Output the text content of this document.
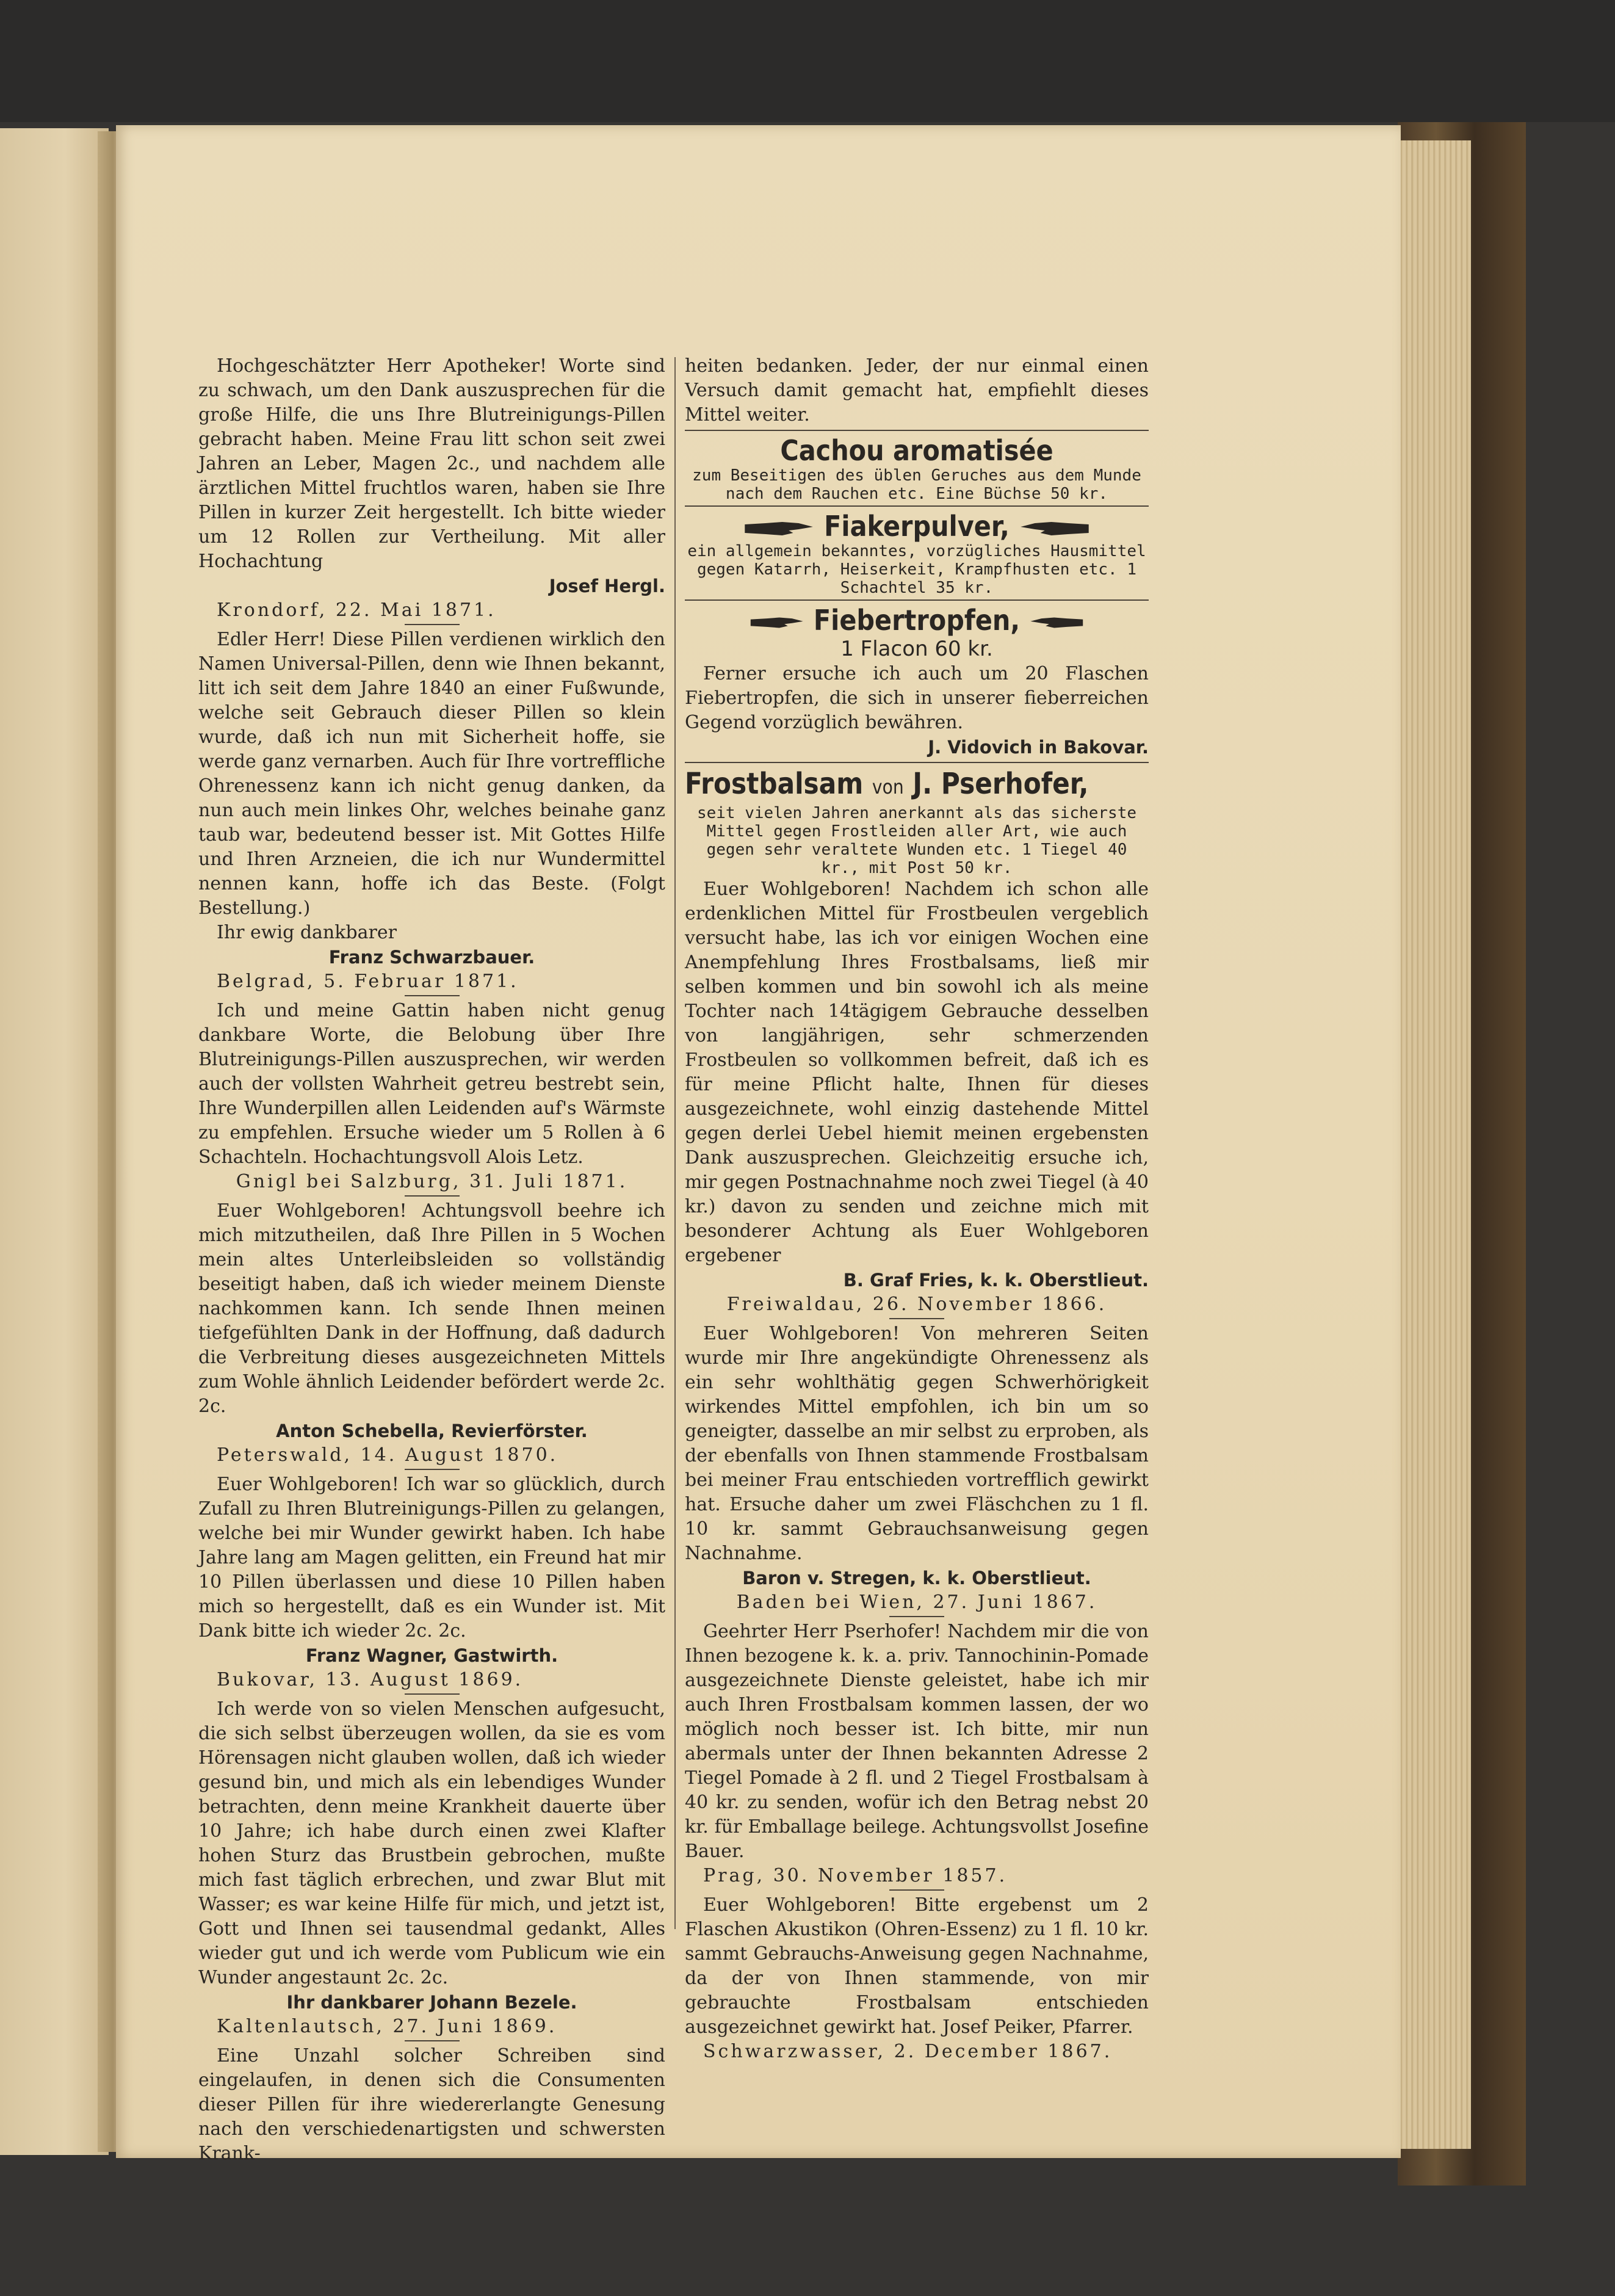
Hochgeschätzter Herr Apotheker! Worte sind zu schwach, um den Dank auszusprechen für die große Hilfe, die uns Ihre Blutreinigungs-Pillen gebracht haben. Meine Frau litt schon seit zwei Jahren an Leber, Magen 2c., und nachdem alle ärztlichen Mittel fruchtlos waren, haben sie Ihre Pillen in kurzer Zeit hergestellt. Ich bitte wieder um 12 Rollen zur Vertheilung. Mit aller Hochachtung

Josef Hergl.

Krondorf, 22. Mai 1871.

Edler Herr! Diese Pillen verdienen wirklich den Namen Universal-Pillen, denn wie Ihnen bekannt, litt ich seit dem Jahre 1840 an einer Fußwunde, welche seit Gebrauch dieser Pillen so klein wurde, daß ich nun mit Sicherheit hoffe, sie werde ganz vernarben. Auch für Ihre vortreffliche Ohrenessenz kann ich nicht genug danken, da nun auch mein linkes Ohr, welches beinahe ganz taub war, bedeutend besser ist. Mit Gottes Hilfe und Ihren Arzneien, die ich nur Wundermittel nennen kann, hoffe ich das Beste. (Folgt Bestellung.)

Ihr ewig dankbarer

Franz Schwarzbauer.

Belgrad, 5. Februar 1871.

Ich und meine Gattin haben nicht genug dankbare Worte, die Belobung über Ihre Blutreinigungs-Pillen auszusprechen, wir werden auch der vollsten Wahrheit getreu bestrebt sein, Ihre Wunderpillen allen Leidenden auf's Wärmste zu empfehlen. Ersuche wieder um 5 Rollen à 6 Schachteln. Hochachtungsvoll Alois Letz.

Gnigl bei Salzburg, 31. Juli 1871.

Euer Wohlgeboren! Achtungsvoll beehre ich mich mitzutheilen, daß Ihre Pillen in 5 Wochen mein altes Unterleibsleiden so vollständig beseitigt haben, daß ich wieder meinem Dienste nachkommen kann. Ich sende Ihnen meinen tiefgefühlten Dank in der Hoffnung, daß dadurch die Verbreitung dieses ausgezeichneten Mittels zum Wohle ähnlich Leidender befördert werde 2c. 2c.

Anton Schebella, Revierförster.

Peterswald, 14. August 1870.

Euer Wohlgeboren! Ich war so glücklich, durch Zufall zu Ihren Blutreinigungs-Pillen zu gelangen, welche bei mir Wunder gewirkt haben. Ich habe Jahre lang am Magen gelitten, ein Freund hat mir 10 Pillen überlassen und diese 10 Pillen haben mich so hergestellt, daß es ein Wunder ist. Mit Dank bitte ich wieder 2c. 2c.

Franz Wagner, Gastwirth.

Bukovar, 13. August 1869.

Ich werde von so vielen Menschen aufgesucht, die sich selbst überzeugen wollen, da sie es vom Hörensagen nicht glauben wollen, daß ich wieder gesund bin, und mich als ein lebendiges Wunder betrachten, denn meine Krankheit dauerte über 10 Jahre; ich habe durch einen zwei Klafter hohen Sturz das Brustbein gebrochen, mußte mich fast täglich erbrechen, und zwar Blut mit Wasser; es war keine Hilfe für mich, und jetzt ist, Gott und Ihnen sei tausendmal gedankt, Alles wieder gut und ich werde vom Publicum wie ein Wunder angestaunt 2c. 2c.

Ihr dankbarer Johann Bezele.

Kaltenlautsch, 27. Juni 1869.

Eine Unzahl solcher Schreiben sind eingelaufen, in denen sich die Consumenten dieser Pillen für ihre wiedererlangte Genesung nach den verschiedenartigsten und schwersten Krank-

heiten bedanken. Jeder, der nur einmal einen Versuch damit gemacht hat, empfiehlt dieses Mittel weiter.

Cachou aromatisée
zum Beseitigen des üblen Geruches aus dem Munde nach dem Rauchen etc. Eine Büchse 50 kr.
Fiakerpulver,
ein allgemein bekanntes, vorzügliches Hausmittel gegen Katarrh, Heiserkeit, Krampfhusten etc. 1 Schachtel 35 kr.
Fiebertropfen,
1 Flacon 60 kr.

Ferner ersuche ich auch um 20 Flaschen Fiebertropfen, die sich in unserer fieberreichen Gegend vorzüglich bewähren.

J. Vidovich in Bakovar.

Frostbalsam von J. Pserhofer,
seit vielen Jahren anerkannt als das sicherste Mittel gegen Frostleiden aller Art, wie auch gegen sehr veraltete Wunden etc. 1 Tiegel 40 kr., mit Post 50 kr.

Euer Wohlgeboren! Nachdem ich schon alle erdenklichen Mittel für Frostbeulen vergeblich versucht habe, las ich vor einigen Wochen eine Anempfehlung Ihres Frostbalsams, ließ mir selben kommen und bin sowohl ich als meine Tochter nach 14tägigem Gebrauche desselben von langjährigen, sehr schmerzenden Frostbeulen so vollkommen befreit, daß ich es für meine Pflicht halte, Ihnen für dieses ausgezeichnete, wohl einzig dastehende Mittel gegen derlei Uebel hiemit meinen ergebensten Dank auszusprechen. Gleichzeitig ersuche ich, mir gegen Postnachnahme noch zwei Tiegel (à 40 kr.) davon zu senden und zeichne mich mit besonderer Achtung als Euer Wohlgeboren ergebener

B. Graf Fries, k. k. Oberstlieut.

Freiwaldau, 26. November 1866.

Euer Wohlgeboren! Von mehreren Seiten wurde mir Ihre angekündigte Ohrenessenz als ein sehr wohlthätig gegen Schwerhörigkeit wirkendes Mittel empfohlen, ich bin um so geneigter, dasselbe an mir selbst zu erproben, als der ebenfalls von Ihnen stammende Frostbalsam bei meiner Frau entschieden vortrefflich gewirkt hat. Ersuche daher um zwei Fläschchen zu 1 fl. 10 kr. sammt Gebrauchsanweisung gegen Nachnahme.

Baron v. Stregen, k. k. Oberstlieut.

Baden bei Wien, 27. Juni 1867.

Geehrter Herr Pserhofer! Nachdem mir die von Ihnen bezogene k. k. a. priv. Tannochinin-Pomade ausgezeichnete Dienste geleistet, habe ich mir auch Ihren Frostbalsam kommen lassen, der wo möglich noch besser ist. Ich bitte, mir nun abermals unter der Ihnen bekannten Adresse 2 Tiegel Pomade à 2 fl. und 2 Tiegel Frostbalsam à 40 kr. zu senden, wofür ich den Betrag nebst 20 kr. für Emballage beilege. Achtungsvollst Josefine Bauer.

Prag, 30. November 1857.

Euer Wohlgeboren! Bitte ergebenst um 2 Flaschen Akustikon (Ohren-Essenz) zu 1 fl. 10 kr. sammt Gebrauchs-Anweisung gegen Nachnahme, da der von Ihnen stammende, von mir gebrauchte Frostbalsam entschieden ausgezeichnet gewirkt hat. Josef Peiker, Pfarrer.

Schwarzwasser, 2. December 1867.
